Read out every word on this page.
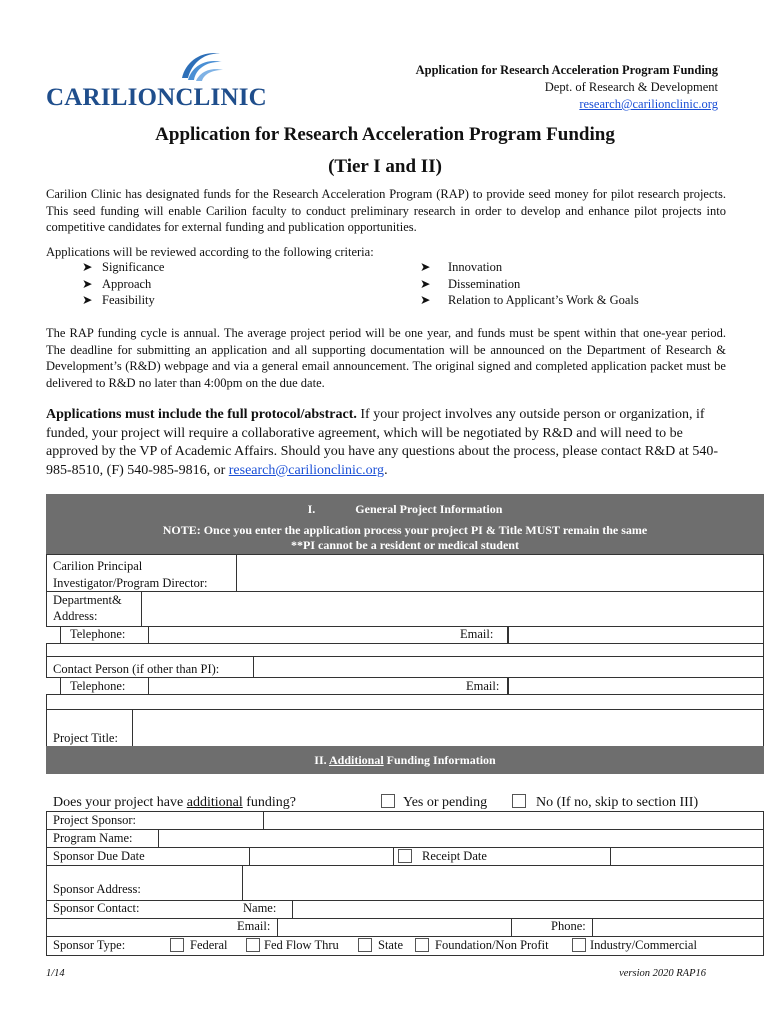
CARILIONCLINIC
Application for Research Acceleration Program Funding
Dept. of Research & Development
research@carilionclinic.org
Application for Research Acceleration Program Funding
(Tier I and II)
Carilion Clinic has designated funds for the Research Acceleration Program (RAP) to provide seed money for pilot research projects. This seed funding will enable Carilion faculty to conduct preliminary research in order to develop and enhance pilot projects into competitive candidates for external funding and publication opportunities.
Applications will be reviewed according to the following criteria:
➤ Significance
➤ Approach
➤ Feasibility
➤ Innovation
➤ Dissemination
➤ Relation to Applicant’s Work & Goals
The RAP funding cycle is annual. The average project period will be one year, and funds must be spent within that one-year period. The deadline for submitting an application and all supporting documentation will be announced on the Department of Research & Development’s (R&D) webpage and via a general email announcement. The original signed and completed application packet must be delivered to R&D no later than 4:00pm on the due date.
Applications must include the full protocol/abstract. If your project involves any outside person or organization, if funded, your project will require a collaborative agreement, which will be negotiated by R&D and will need to be approved by the VP of Academic Affairs. Should you have any questions about the process, please contact R&D at 540-985-8510, (F) 540-985-9816, or research@carilionclinic.org.
I.	General Project Information
NOTE: Once you enter the application process your project PI & Title MUST remain the same
**PI cannot be a resident or medical student
Carilion Principal
Investigator/Program Director:
Department&
Address:
Telephone:	Email:
Contact Person (if other than PI):
Telephone:	Email:
Project Title:
II. Additional Funding Information
Does your project have additional funding?	Yes or pending	No (If no, skip to section III)
Project Sponsor:
Program Name:
Sponsor Due Date	Receipt Date
Sponsor Address:
Sponsor Contact:	Name:
Email:	Phone:
Sponsor Type:	Federal	Fed Flow Thru	State	Foundation/Non Profit	Industry/Commercial
1/14	version 2020 RAP16
